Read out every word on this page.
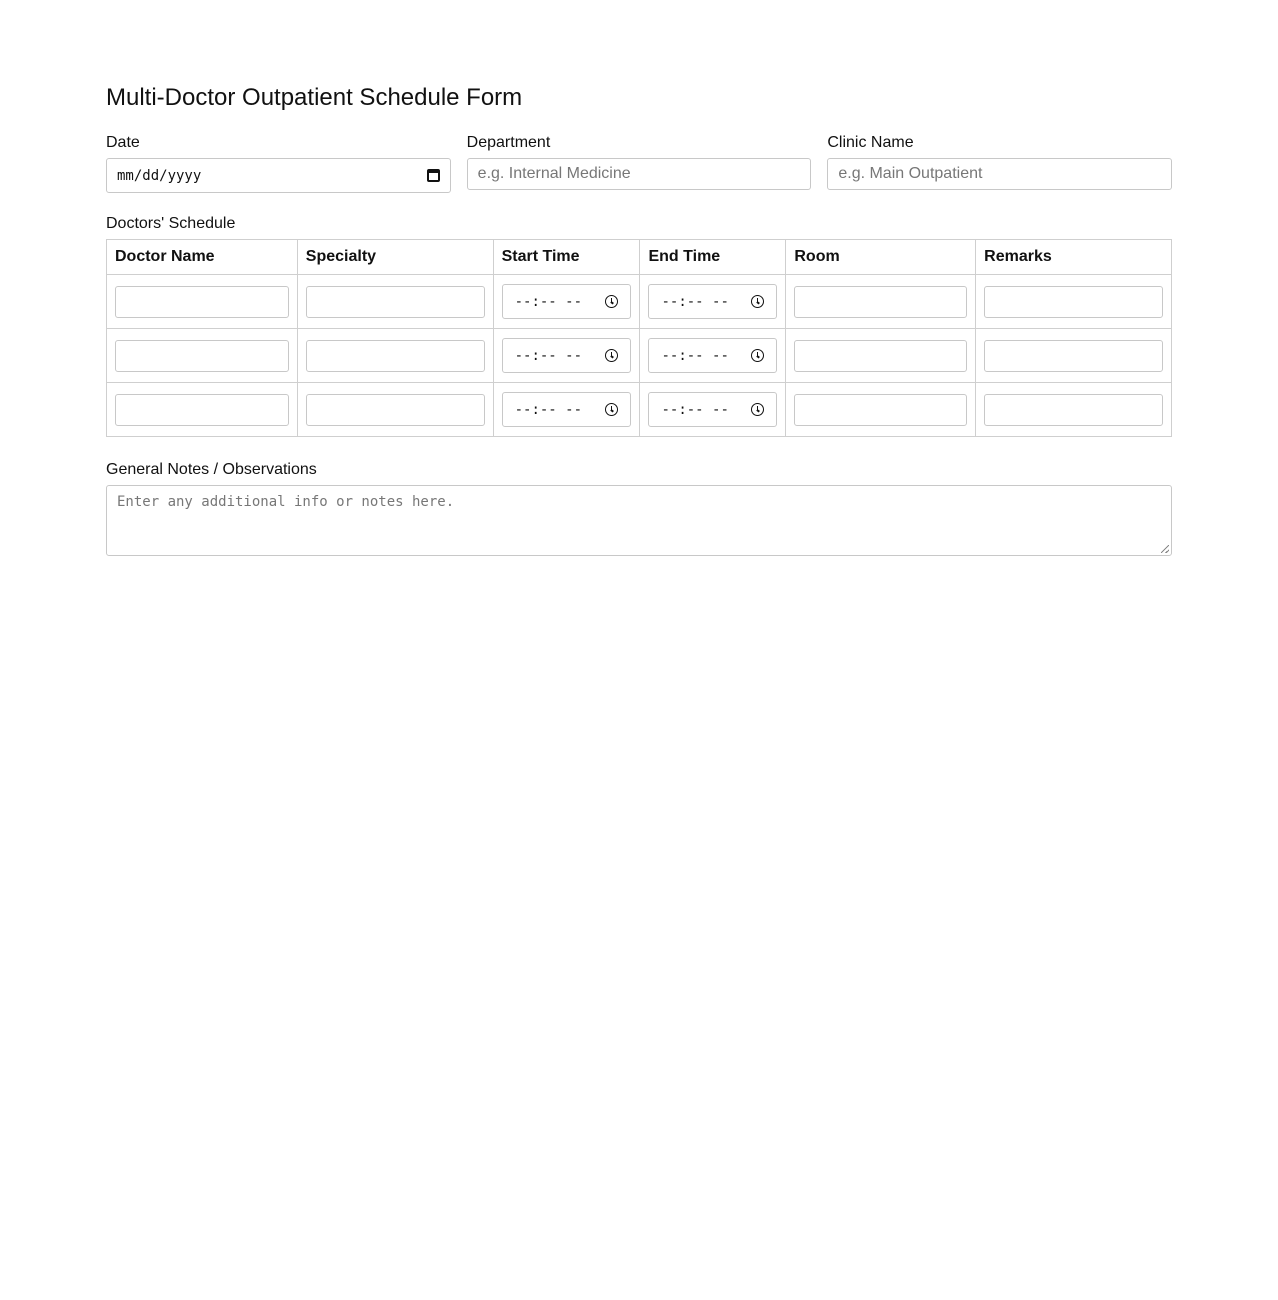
Multi-Doctor Outpatient Schedule Form
Date
mm/dd/yyyy
Department
e.g. Internal Medicine
Clinic Name
e.g. Main Outpatient
Doctors' Schedule
Doctor Name	Specialty	Start Time	End Time	Room	Remarks

		--:-- --	--:-- --		

		--:-- --	--:-- --		

		--:-- --	--:-- --		

General Notes / Observations
Enter any additional info or notes here.
